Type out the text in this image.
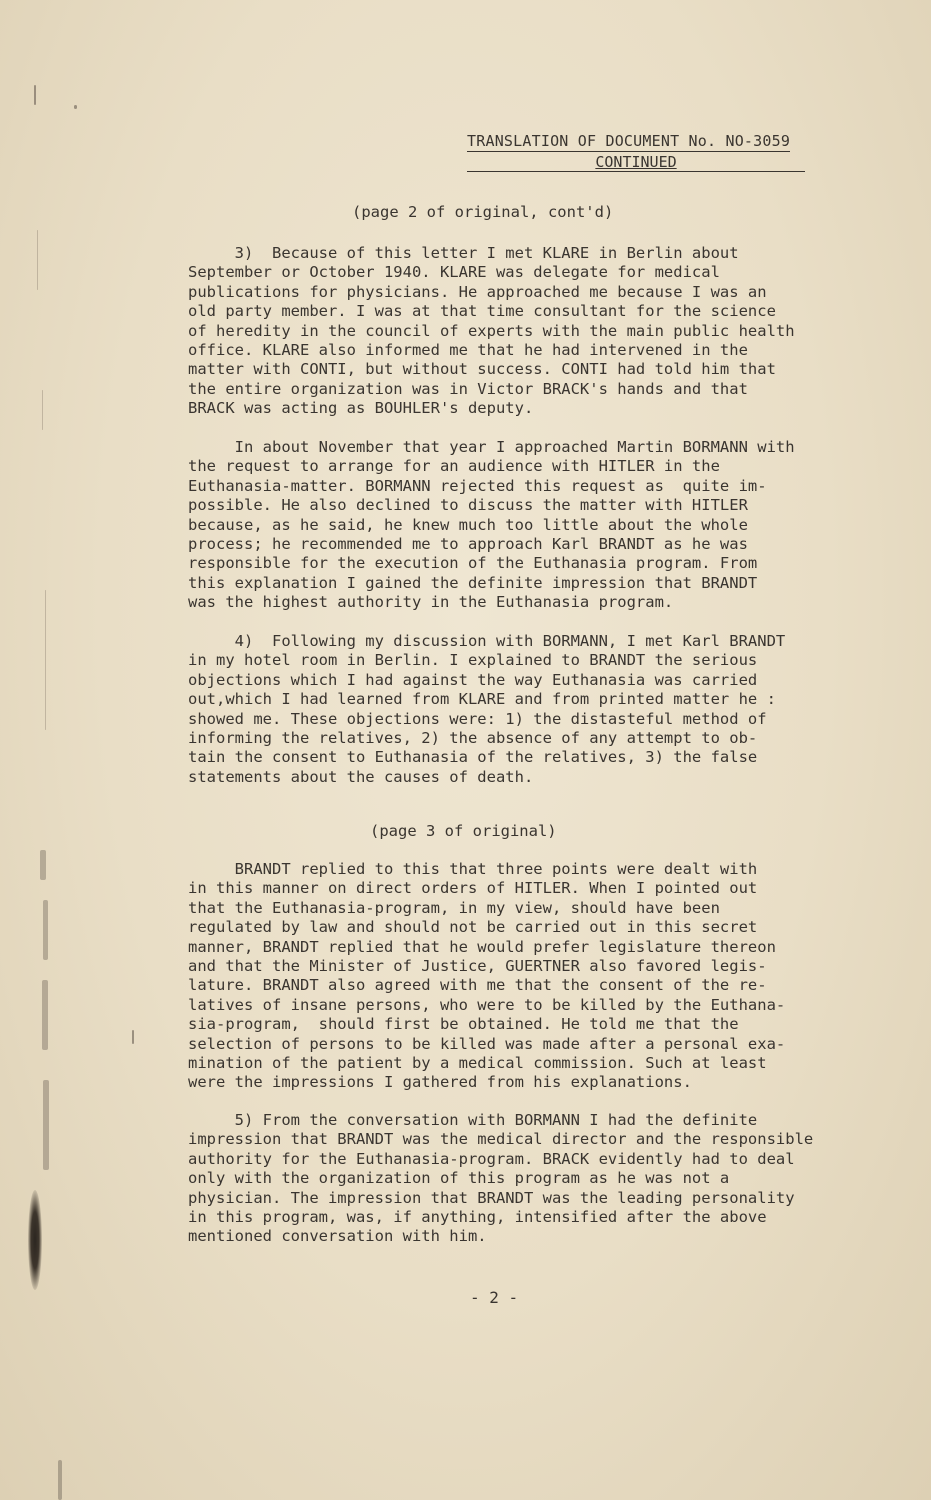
TRANSLATION OF DOCUMENT No. NO-3059
CONTINUED
(page 2 of original, cont'd)
3)  Because of this letter I met KLARE in Berlin about
September or October 1940. KLARE was delegate for medical
publications for physicians. He approached me because I was an
old party member. I was at that time consultant for the science
of heredity in the council of experts with the main public health
office. KLARE also informed me that he had intervened in the
matter with CONTI, but without success. CONTI had told him that
the entire organization was in Victor BRACK's hands and that
BRACK was acting as BOUHLER's deputy.
In about November that year I approached Martin BORMANN with
the request to arrange for an audience with HITLER in the
Euthanasia-matter. BORMANN rejected this request as  quite im-
possible. He also declined to discuss the matter with HITLER
because, as he said, he knew much too little about the whole
process; he recommended me to approach Karl BRANDT as he was
responsible for the execution of the Euthanasia program. From
this explanation I gained the definite impression that BRANDT
was the highest authority in the Euthanasia program.
4)  Following my discussion with BORMANN, I met Karl BRANDT
in my hotel room in Berlin. I explained to BRANDT the serious
objections which I had against the way Euthanasia was carried
out,which I had learned from KLARE and from printed matter he :
showed me. These objections were: 1) the distasteful method of
informing the relatives, 2) the absence of any attempt to ob-
tain the consent to Euthanasia of the relatives, 3) the false
statements about the causes of death.
(page 3 of original)
BRANDT replied to this that three points were dealt with
in this manner on direct orders of HITLER. When I pointed out
that the Euthanasia-program, in my view, should have been
regulated by law and should not be carried out in this secret
manner, BRANDT replied that he would prefer legislature thereon
and that the Minister of Justice, GUERTNER also favored legis-
lature. BRANDT also agreed with me that the consent of the re-
latives of insane persons, who were to be killed by the Euthana-
sia-program,  should first be obtained. He told me that the
selection of persons to be killed was made after a personal exa-
mination of the patient by a medical commission. Such at least
were the impressions I gathered from his explanations.
5) From the conversation with BORMANN I had the definite
impression that BRANDT was the medical director and the responsible
authority for the Euthanasia-program. BRACK evidently had to deal
only with the organization of this program as he was not a
physician. The impression that BRANDT was the leading personality
in this program, was, if anything, intensified after the above
mentioned conversation with him.
- 2 -
